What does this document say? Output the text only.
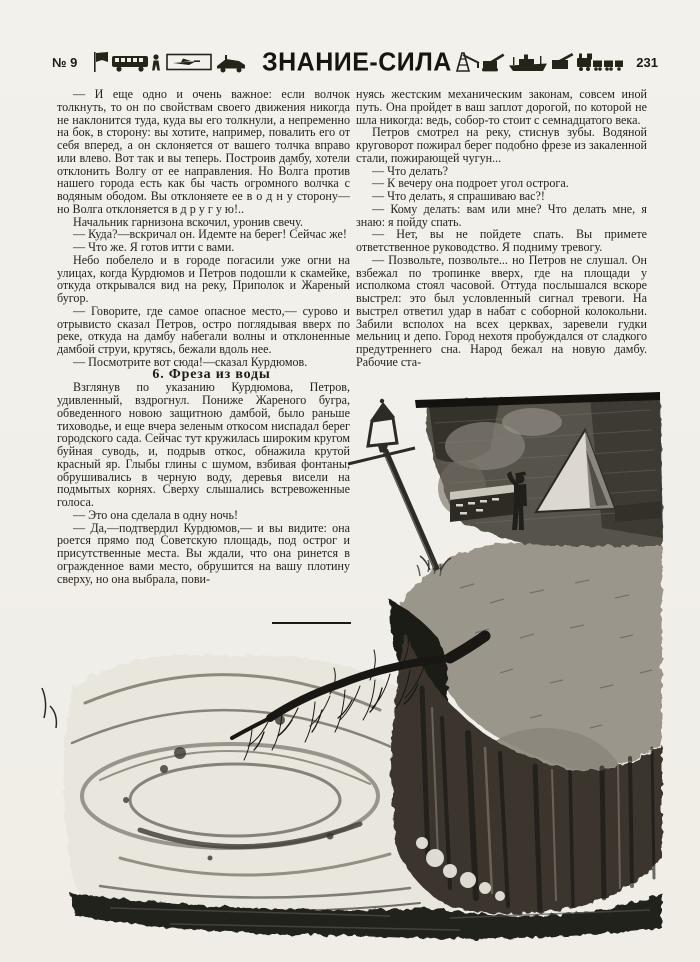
№ 9	ЗНАНИЕ-СИЛА	231

— И еще одно и очень важное: если волчок толкнуть, то он по свойствам своего движения никогда не наклонится туда, куда вы его толкнули, а непременно на бок, в сторону: вы хотите, например, повалить его от себя вперед, а он склоняется от вашего толчка вправо или влево. Вот так и вы теперь. Построив дамбу, хотели отклонить Волгу от ее направления. Но Во́лга против нашего города есть как бы часть огромного волчка с водяным ободом. Вы отклоняете ее в о д н у сторону—но Волга отклоняется в д р у г у ю!..

Начальник гарнизона вскочил, уронив свечу.

— Куда?—вскричал он. Идемте на берег! Сейчас же!

— Что же. Я готов итти с вами.

Небо побелело и в городе погасили уже огни на улицах, когда Курдюмов и Петров подошли к скамейке, откуда открывался вид на реку, Приполок и Жареный бугор.

— Говорите, где самое опасное место,— сурово и отрывисто сказал Петров, остро поглядывая вверх по реке, откуда на дамбу набегали волны и отклоненные дамбой струи, крутясь, бежали вдоль нее.

— Посмотрите вот сюда!—сказал Курдюмов.

6. Фреза из воды

Взглянув по указанию Курдюмова, Петров, удивленный, вздрогнул. Пониже Жареного бугра, обведенного новою защитною дамбой, было раньше тиховодье, и еще вчера зеленым откосом ниспадал берег городского сада. Сейчас тут кружилась широким кругом буйная суводь, и, подрыв откос, обнажила крутой красный яр. Глыбы глины с шумом, взбивая фонтаны, обрушивались в черную воду, деревья висели на подмытых корнях. Сверху слышались встревоженные голоса.

— Это она сделала в одну ночь!

— Да,—подтвердил Курдюмов,— и вы видите: она роется прямо под Советскую площадь, под острог и присутственные места. Вы ждали, что она ринется в огражденное вами место, обрушится на вашу плотину сверху, но она выбрала, пови-

нуясь жестским механическим законам, совсем иной путь. Она пройдет в ваш заплот дорогой, по которой не шла никогда: ведь, собор-то стоит с семнадцатого века.

Петров смотрел на реку, стиснув зубы. Водяной круговорот пожирал берег подобно фрезе из закаленной стали, пожирающей чугун...

— Что делать?

— К вечеру она подроет угол острога.

— Что делать, я спрашиваю вас?!

— Кому делать: вам или мне? Что делать мне, я знаю: я пойду спать.

— Нет, вы не пойдете спать. Вы примете ответственное руководство. Я подниму тревогу.

— Позвольте, позвольте... но Петров не слушал. Он взбежал по тропинке вверх, где на площади у исполкома стоял часовой. Оттуда послышался вскоре выстрел: это был условленный сигнал тревоги. На выстрел ответил удар в набат с соборной колокольни. Забили всполох на всех церквах, заревели гудки мельниц и депо. Город нехотя пробуждался от сладкого предутреннего сна. Народ бежал на новую дамбу. Рабочие ста-
